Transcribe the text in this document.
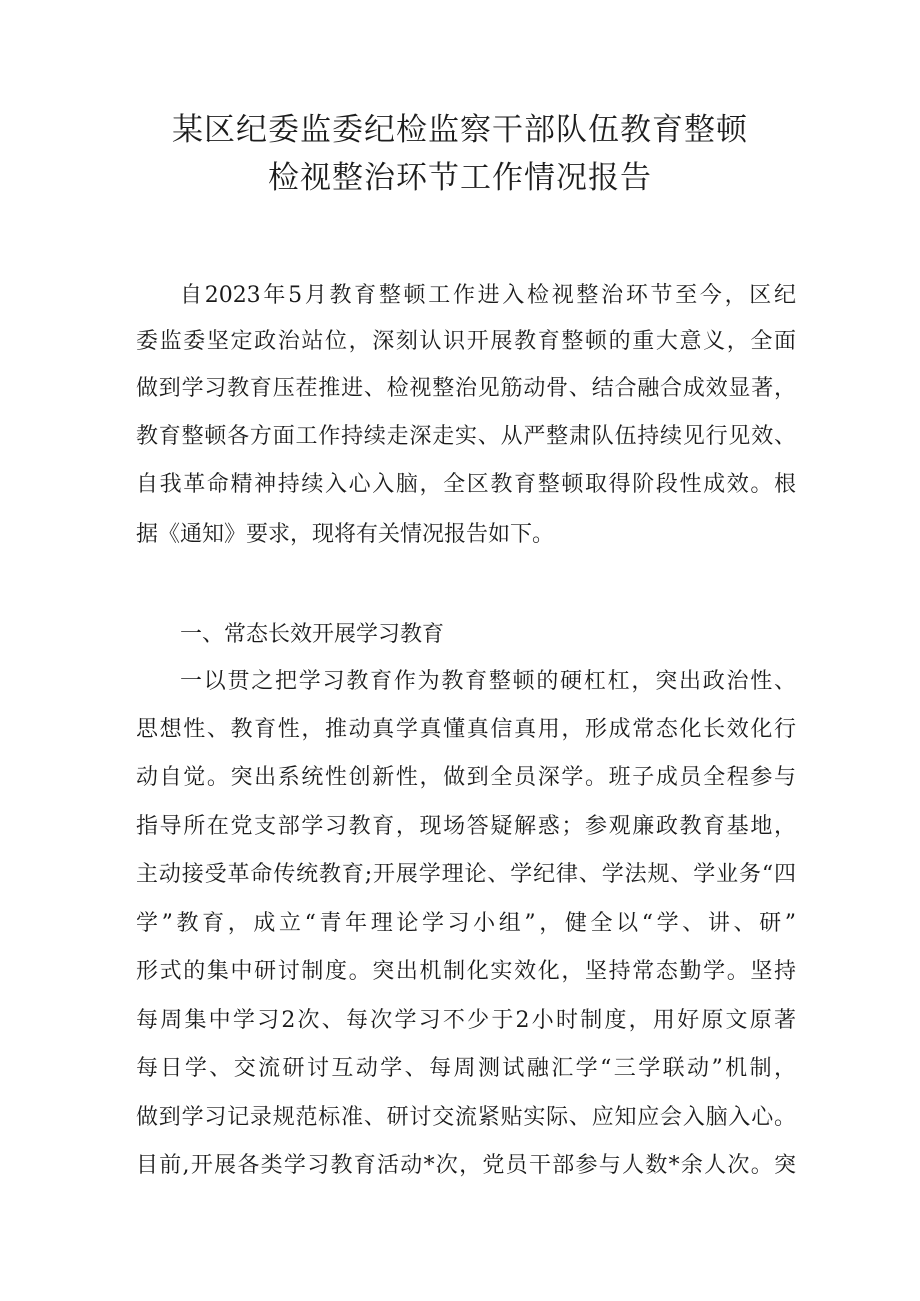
某区纪委监委纪检监察干部队伍教育整顿
检视整治环节工作情况报告
自2023年5月教育整顿工作进入检视整治环节至今，区纪
委监委坚定政治站位，深刻认识开展教育整顿的重大意义，全面
做到学习教育压茬推进、检视整治见筋动骨、结合融合成效显著，
教育整顿各方面工作持续走深走实、从严整肃队伍持续见行见效、
自我革命精神持续入心入脑，全区教育整顿取得阶段性成效。根
据《通知》要求，现将有关情况报告如下。
一、常态长效开展学习教育
一以贯之把学习教育作为教育整顿的硬杠杠，突出政治性、
思想性、教育性，推动真学真懂真信真用，形成常态化长效化行
动自觉。突出系统性创新性，做到全员深学。班子成员全程参与
指导所在党支部学习教育，现场答疑解惑；参观廉政教育基地，
主动接受革命传统教育;开展学理论、学纪律、学法规、学业务“四
学”教育，成立“青年理论学习小组”，健全以“学、讲、研”
形式的集中研讨制度。突出机制化实效化，坚持常态勤学。坚持
每周集中学习2次、每次学习不少于2小时制度，用好原文原著
每日学、交流研讨互动学、每周测试融汇学“三学联动”机制，
做到学习记录规范标准、研讨交流紧贴实际、应知应会入脑入心。
目前,开展各类学习教育活动*次，党员干部参与人数*余人次。突
